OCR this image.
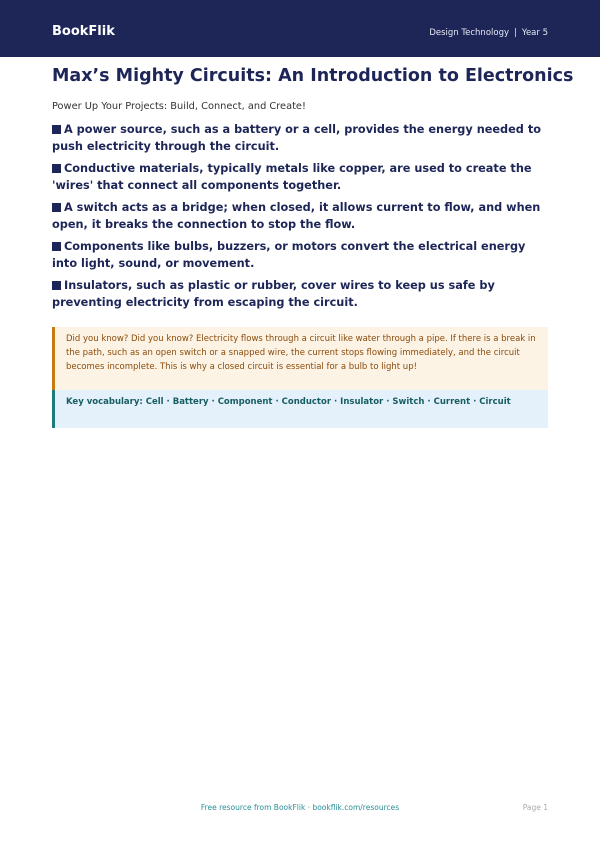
BookFlik	Design Technology | Year 5
Max’s Mighty Circuits: An Introduction to Electronics
Power Up Your Projects: Build, Connect, and Create!
A power source, such as a battery or a cell, provides the energy needed to push electricity through the circuit.
Conductive materials, typically metals like copper, are used to create the 'wires' that connect all components together.
A switch acts as a bridge; when closed, it allows current to flow, and when open, it breaks the connection to stop the flow.
Components like bulbs, buzzers, or motors convert the electrical energy into light, sound, or movement.
Insulators, such as plastic or rubber, cover wires to keep us safe by preventing electricity from escaping the circuit.
Did you know? Did you know? Electricity flows through a circuit like water through a pipe. If there is a break in the path, such as an open switch or a snapped wire, the current stops flowing immediately, and the circuit becomes incomplete. This is why a closed circuit is essential for a bulb to light up!
Key vocabulary: Cell · Battery · Component · Conductor · Insulator · Switch · Current · Circuit
Free resource from BookFlik · bookflik.com/resources	Page 1
